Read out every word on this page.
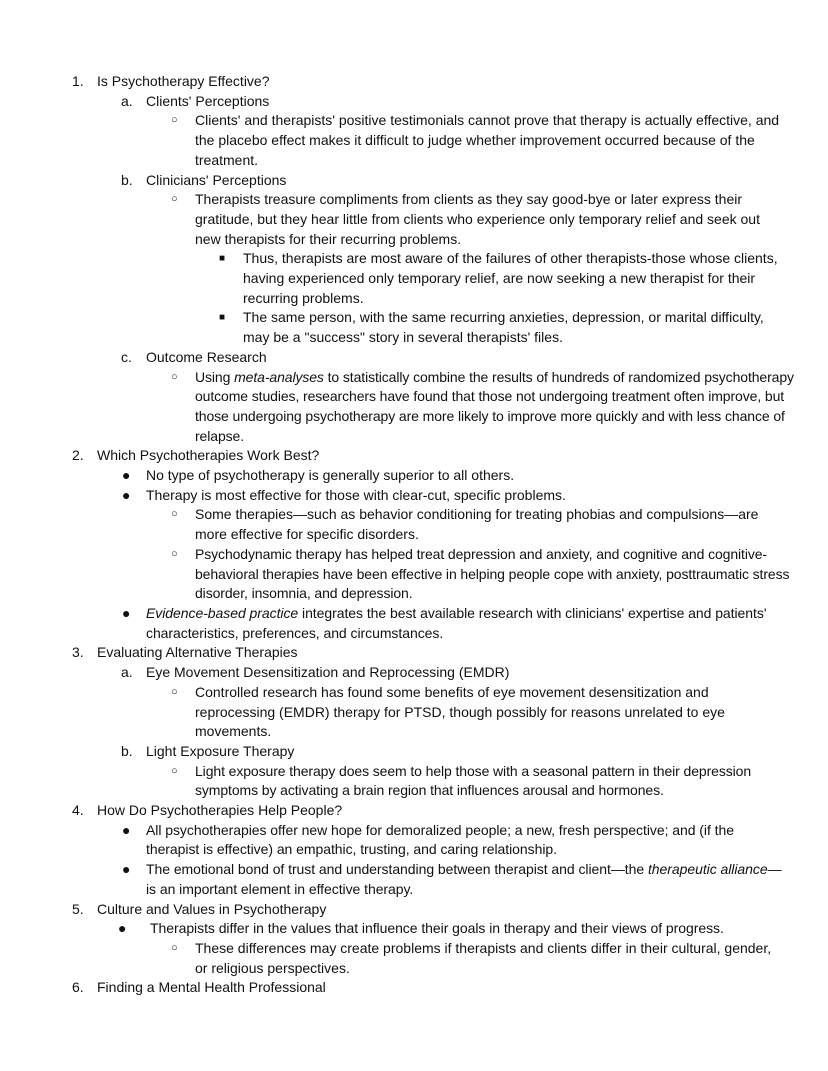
1. Is Psychotherapy Effective?
a. Clients' Perceptions
○ Clients' and therapists' positive testimonials cannot prove that therapy is actually effective, and the placebo effect makes it difficult to judge whether improvement occurred because of the treatment.
b. Clinicians' Perceptions
○ Therapists treasure compliments from clients as they say good-bye or later express their gratitude, but they hear little from clients who experience only temporary relief and seek out new therapists for their recurring problems.
■ Thus, therapists are most aware of the failures of other therapists-those whose clients, having experienced only temporary relief, are now seeking a new therapist for their recurring problems.
■ The same person, with the same recurring anxieties, depression, or marital difficulty, may be a "success" story in several therapists' files.
c. Outcome Research
○ Using meta-analyses to statistically combine the results of hundreds of randomized psychotherapy outcome studies, researchers have found that those not undergoing treatment often improve, but those undergoing psychotherapy are more likely to improve more quickly and with less chance of relapse.
2. Which Psychotherapies Work Best?
● No type of psychotherapy is generally superior to all others.
● Therapy is most effective for those with clear-cut, specific problems.
○ Some therapies—such as behavior conditioning for treating phobias and compulsions—are more effective for specific disorders.
○ Psychodynamic therapy has helped treat depression and anxiety, and cognitive and cognitive-behavioral therapies have been effective in helping people cope with anxiety, posttraumatic stress disorder, insomnia, and depression.
● Evidence-based practice integrates the best available research with clinicians' expertise and patients' characteristics, preferences, and circumstances.
3. Evaluating Alternative Therapies
a. Eye Movement Desensitization and Reprocessing (EMDR)
○ Controlled research has found some benefits of eye movement desensitization and reprocessing (EMDR) therapy for PTSD, though possibly for reasons unrelated to eye movements.
b. Light Exposure Therapy
○ Light exposure therapy does seem to help those with a seasonal pattern in their depression symptoms by activating a brain region that influences arousal and hormones.
4. How Do Psychotherapies Help People?
● All psychotherapies offer new hope for demoralized people; a new, fresh perspective; and (if the therapist is effective) an empathic, trusting, and caring relationship.
● The emotional bond of trust and understanding between therapist and client—the therapeutic alliance—is an important element in effective therapy.
5. Culture and Values in Psychotherapy
● Therapists differ in the values that influence their goals in therapy and their views of progress.
○ These differences may create problems if therapists and clients differ in their cultural, gender, or religious perspectives.
6. Finding a Mental Health Professional
